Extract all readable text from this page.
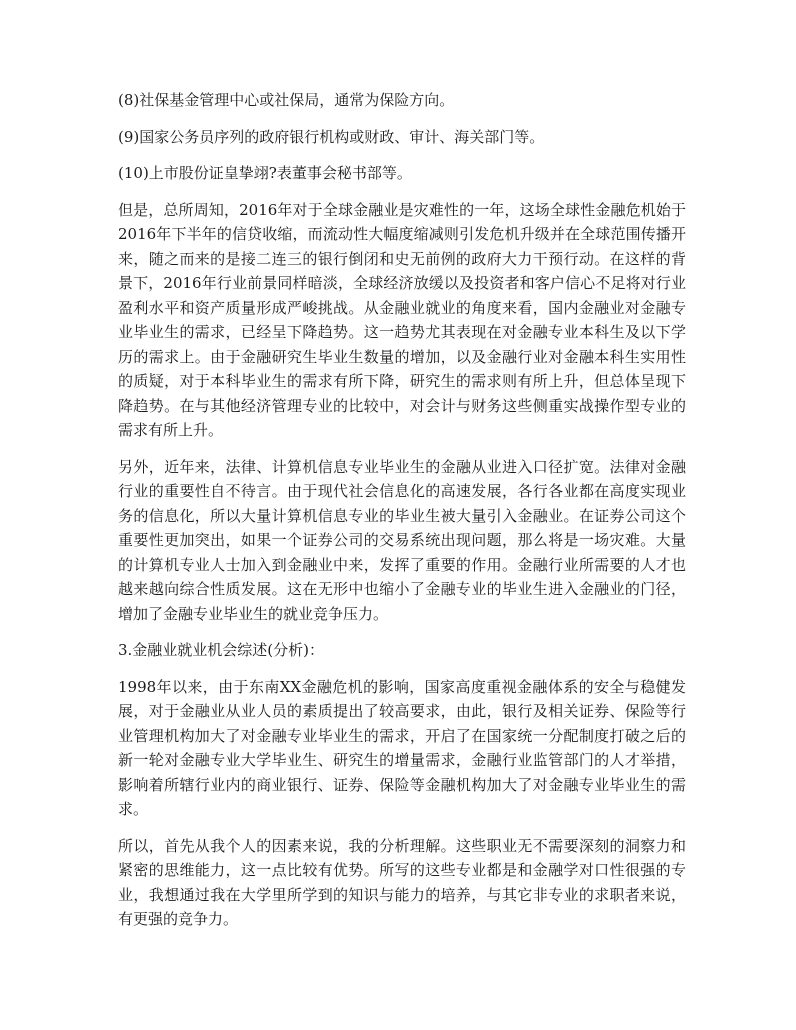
(8)社保基金管理中心或社保局，通常为保险方向。

(9)国家公务员序列的政府银行机构或财政、审计、海关部门等。

(10)上市股份证皇挚翊?表董事会秘书部等。

但是，总所周知，2016年对于全球金融业是灾难性的一年，这场全球性金融危机始于2016年下半年的信贷收缩，而流动性大幅度缩减则引发危机升级并在全球范围传播开来，随之而来的是接二连三的银行倒闭和史无前例的政府大力干预行动。在这样的背景下，2016年行业前景同样暗淡，全球经济放缓以及投资者和客户信心不足将对行业盈利水平和资产质量形成严峻挑战。从金融业就业的角度来看，国内金融业对金融专业毕业生的需求，已经呈下降趋势。这一趋势尤其表现在对金融专业本科生及以下学历的需求上。由于金融研究生毕业生数量的增加，以及金融行业对金融本科生实用性的质疑，对于本科毕业生的需求有所下降，研究生的需求则有所上升，但总体呈现下降趋势。在与其他经济管理专业的比较中，对会计与财务这些侧重实战操作型专业的需求有所上升。

另外，近年来，法律、计算机信息专业毕业生的金融从业进入口径扩宽。法律对金融行业的重要性自不待言。由于现代社会信息化的高速发展，各行各业都在高度实现业务的信息化，所以大量计算机信息专业的毕业生被大量引入金融业。在证券公司这个重要性更加突出，如果一个证券公司的交易系统出现问题，那么将是一场灾难。大量的计算机专业人士加入到金融业中来，发挥了重要的作用。金融行业所需要的人才也越来越向综合性质发展。这在无形中也缩小了金融专业的毕业生进入金融业的门径，增加了金融专业毕业生的就业竞争压力。

3.金融业就业机会综述(分析)：

1998年以来，由于东南XX金融危机的影响，国家高度重视金融体系的安全与稳健发展，对于金融业从业人员的素质提出了较高要求，由此，银行及相关证券、保险等行业管理机构加大了对金融专业毕业生的需求，开启了在国家统一分配制度打破之后的新一轮对金融专业大学毕业生、研究生的增量需求，金融行业监管部门的人才举措，影响着所辖行业内的商业银行、证券、保险等金融机构加大了对金融专业毕业生的需求。

所以，首先从我个人的因素来说，我的分析理解。这些职业无不需要深刻的洞察力和紧密的思维能力，这一点比较有优势。所写的这些专业都是和金融学对口性很强的专业，我想通过我在大学里所学到的知识与能力的培养，与其它非专业的求职者来说，有更强的竞争力。
